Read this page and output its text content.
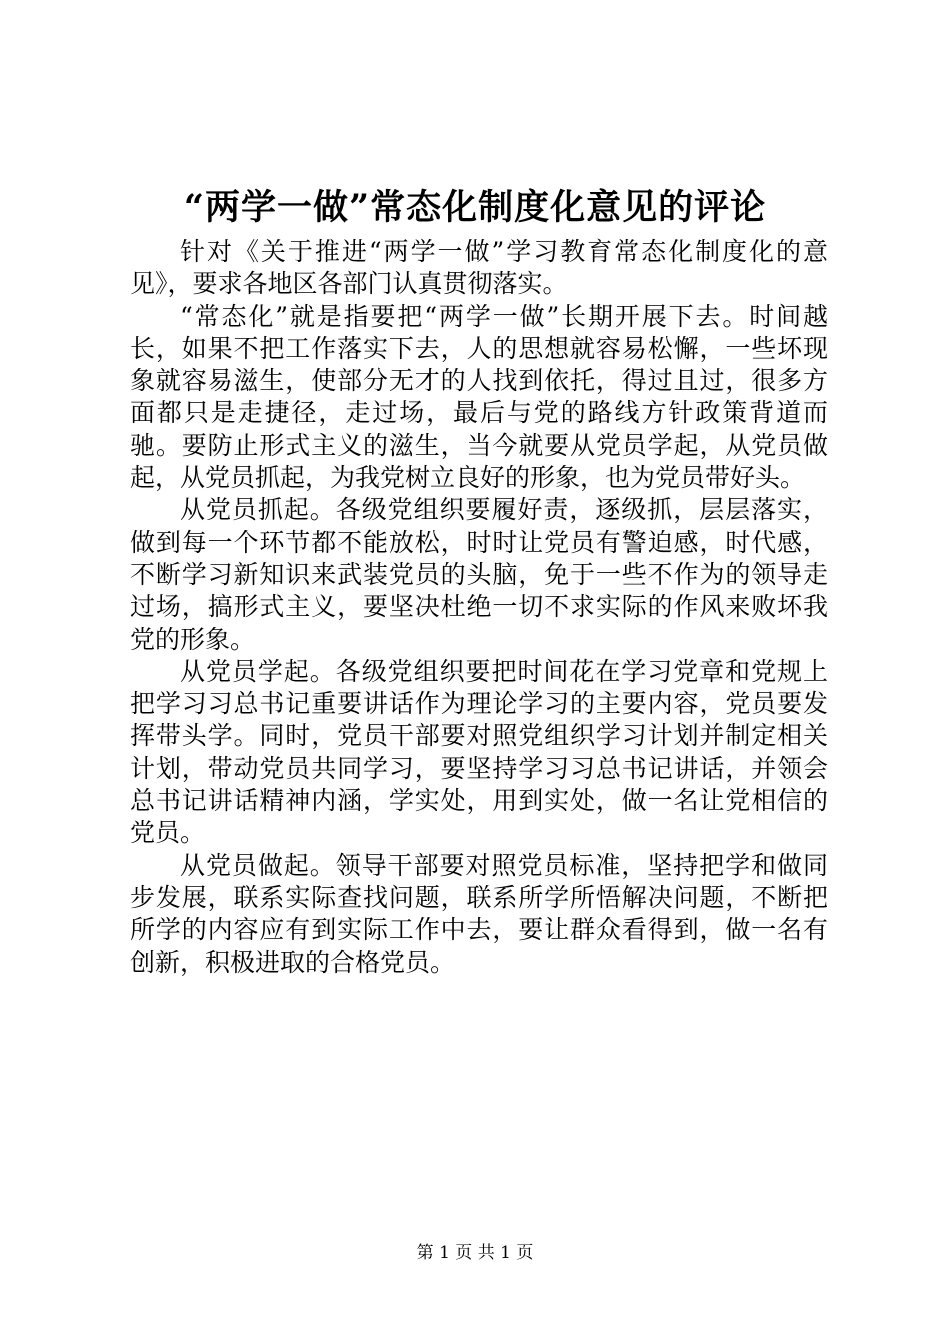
“两学一做”常态化制度化意见的评论

针对《关于推进“两学一做”学习教育常态化制度化的意见》，要求各地区各部门认真贯彻落实。

“常态化”就是指要把“两学一做”长期开展下去。时间越长，如果不把工作落实下去，人的思想就容易松懈，一些坏现象就容易滋生，使部分无才的人找到依托，得过且过，很多方面都只是走捷径，走过场，最后与党的路线方针政策背道而驰。要防止形式主义的滋生，当今就要从党员学起，从党员做起，从党员抓起，为我党树立良好的形象，也为党员带好头。

从党员抓起。各级党组织要履好责，逐级抓，层层落实，做到每一个环节都不能放松，时时让党员有警迫感，时代感，不断学习新知识来武装党员的头脑，免于一些不作为的领导走过场，搞形式主义，要坚决杜绝一切不求实际的作风来败坏我党的形象。

从党员学起。各级党组织要把时间花在学习党章和党规上把学习习总书记重要讲话作为理论学习的主要内容，党员要发挥带头学。同时，党员干部要对照党组织学习计划并制定相关计划，带动党员共同学习，要坚持学习习总书记讲话，并领会总书记讲话精神内涵，学实处，用到实处，做一名让党相信的党员。

从党员做起。领导干部要对照党员标准，坚持把学和做同步发展，联系实际查找问题，联系所学所悟解决问题，不断把所学的内容应有到实际工作中去，要让群众看得到，做一名有创新，积极进取的合格党员。

第 1 页 共 1 页
